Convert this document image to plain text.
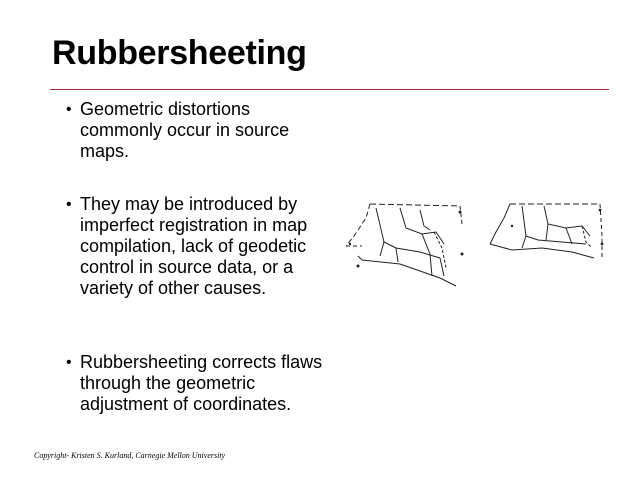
Rubbersheeting
• Geometric distortions commonly occur in source maps.
• They may be introduced by imperfect registration in map compilation, lack of geodetic control in source data, or a variety of other causes.
• Rubbersheeting corrects flaws through the geometric adjustment of coordinates.
Copyright- Kristen S. Kurland, Carnegie Mellon University
